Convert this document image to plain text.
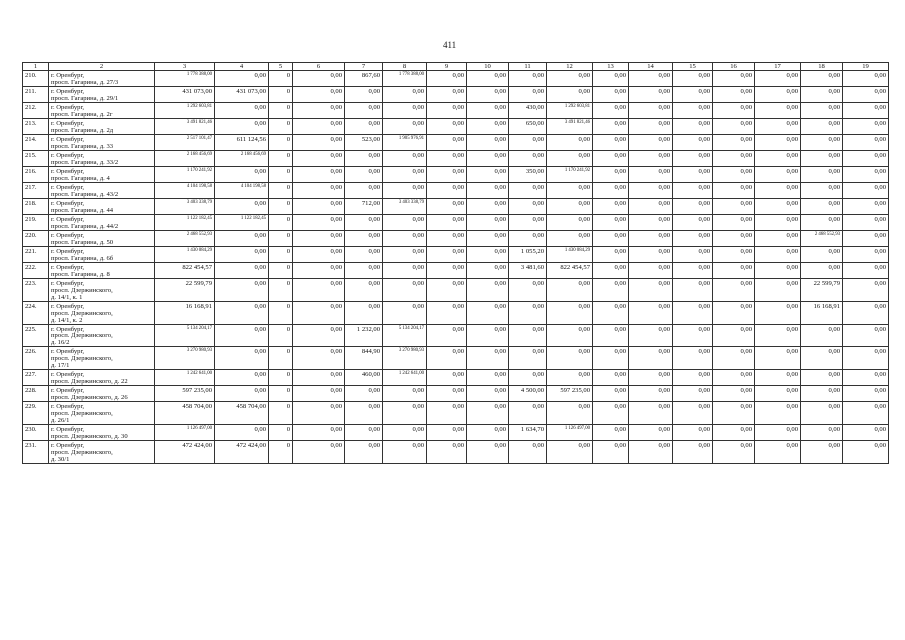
411
1	2	3	4	5	6	7	8	9	10	11	12	13	14	15	16	17	18	19
210.	г. Оренбург,
просп. Гагарина, д. 27/3	1 778 388,00	0,00	0	0,00	867,60	1 778 388,00	0,00	0,00	0,00	0,00	0,00	0,00	0,00	0,00	0,00	0,00	0,00
211.	г. Оренбург,
просп. Гагарина, д. 29/1	431 073,00	431 073,00	0	0,00	0,00	0,00	0,00	0,00	0,00	0,00	0,00	0,00	0,00	0,00	0,00	0,00	0,00
212.	г. Оренбург,
просп. Гагарина, д. 2г	1 292 603,81	0,00	0	0,00	0,00	0,00	0,00	0,00	430,00	1 292 603,81	0,00	0,00	0,00	0,00	0,00	0,00	0,00
213.	г. Оренбург,
просп. Гагарина, д. 2д	3 491 821,46	0,00	0	0,00	0,00	0,00	0,00	0,00	650,00	3 491 821,46	0,00	0,00	0,00	0,00	0,00	0,00	0,00
214.	г. Оренбург,
просп. Гагарина, д. 33	2 517 101,47	611 124,56	0	0,00	523,00	1 905 976,91	0,00	0,00	0,00	0,00	0,00	0,00	0,00	0,00	0,00	0,00	0,00
215.	г. Оренбург,
просп. Гагарина, д. 33/2	2 168 456,69	2 168 456,69	0	0,00	0,00	0,00	0,00	0,00	0,00	0,00	0,00	0,00	0,00	0,00	0,00	0,00	0,00
216.	г. Оренбург,
просп. Гагарина, д. 4	1 170 241,92	0,00	0	0,00	0,00	0,00	0,00	0,00	350,00	1 170 241,92	0,00	0,00	0,00	0,00	0,00	0,00	0,00
217.	г. Оренбург,
просп. Гагарина, д. 43/2	4 104 198,58	4 104 198,58	0	0,00	0,00	0,00	0,00	0,00	0,00	0,00	0,00	0,00	0,00	0,00	0,00	0,00	0,00
218.	г. Оренбург,
просп. Гагарина, д. 44	3 403 338,79	0,00	0	0,00	712,00	3 403 338,79	0,00	0,00	0,00	0,00	0,00	0,00	0,00	0,00	0,00	0,00	0,00
219.	г. Оренбург,
просп. Гагарина, д. 44/2	1 122 182,45	1 122 182,45	0	0,00	0,00	0,00	0,00	0,00	0,00	0,00	0,00	0,00	0,00	0,00	0,00	0,00	0,00
220.	г. Оренбург,
просп. Гагарина, д. 50	2 468 552,93	0,00	0	0,00	0,00	0,00	0,00	0,00	0,00	0,00	0,00	0,00	0,00	0,00	0,00	2 468 552,93	0,00
221.	г. Оренбург,
просп. Гагарина, д. 6б	1 430 084,29	0,00	0	0,00	0,00	0,00	0,00	0,00	1 055,20	1 430 084,29	0,00	0,00	0,00	0,00	0,00	0,00	0,00
222.	г. Оренбург,
просп. Гагарина, д. 8	822 454,57	0,00	0	0,00	0,00	0,00	0,00	0,00	3 481,60	822 454,57	0,00	0,00	0,00	0,00	0,00	0,00	0,00
223.	г. Оренбург,
просп. Дзержинского,
д. 14/1, к. 1	22 599,79	0,00	0	0,00	0,00	0,00	0,00	0,00	0,00	0,00	0,00	0,00	0,00	0,00	0,00	22 599,79	0,00
224.	г. Оренбург,
просп. Дзержинского,
д. 14/1, к. 2	16 168,91	0,00	0	0,00	0,00	0,00	0,00	0,00	0,00	0,00	0,00	0,00	0,00	0,00	0,00	16 168,91	0,00
225.	г. Оренбург,
просп. Дзержинского,
д. 16/2	5 134 204,17	0,00	0	0,00	1 232,00	5 134 204,17	0,00	0,00	0,00	0,00	0,00	0,00	0,00	0,00	0,00	0,00	0,00
226.	г. Оренбург,
просп. Дзержинского,
д. 17/1	3 270 980,93	0,00	0	0,00	844,90	3 270 980,93	0,00	0,00	0,00	0,00	0,00	0,00	0,00	0,00	0,00	0,00	0,00
227.	г. Оренбург,
просп. Дзержинского, д. 22	1 242 641,00	0,00	0	0,00	460,00	1 242 641,00	0,00	0,00	0,00	0,00	0,00	0,00	0,00	0,00	0,00	0,00	0,00
228.	г. Оренбург,
просп. Дзержинского, д. 26	597 235,00	0,00	0	0,00	0,00	0,00	0,00	0,00	4 500,00	597 235,00	0,00	0,00	0,00	0,00	0,00	0,00	0,00
229.	г. Оренбург,
просп. Дзержинского,
д. 26/1	458 704,00	458 704,00	0	0,00	0,00	0,00	0,00	0,00	0,00	0,00	0,00	0,00	0,00	0,00	0,00	0,00	0,00
230.	г. Оренбург,
просп. Дзержинского, д. 30	1 126 497,00	0,00	0	0,00	0,00	0,00	0,00	0,00	1 634,70	1 126 497,00	0,00	0,00	0,00	0,00	0,00	0,00	0,00
231.	г. Оренбург,
просп. Дзержинского,
д. 30/1	472 424,00	472 424,00	0	0,00	0,00	0,00	0,00	0,00	0,00	0,00	0,00	0,00	0,00	0,00	0,00	0,00	0,00
